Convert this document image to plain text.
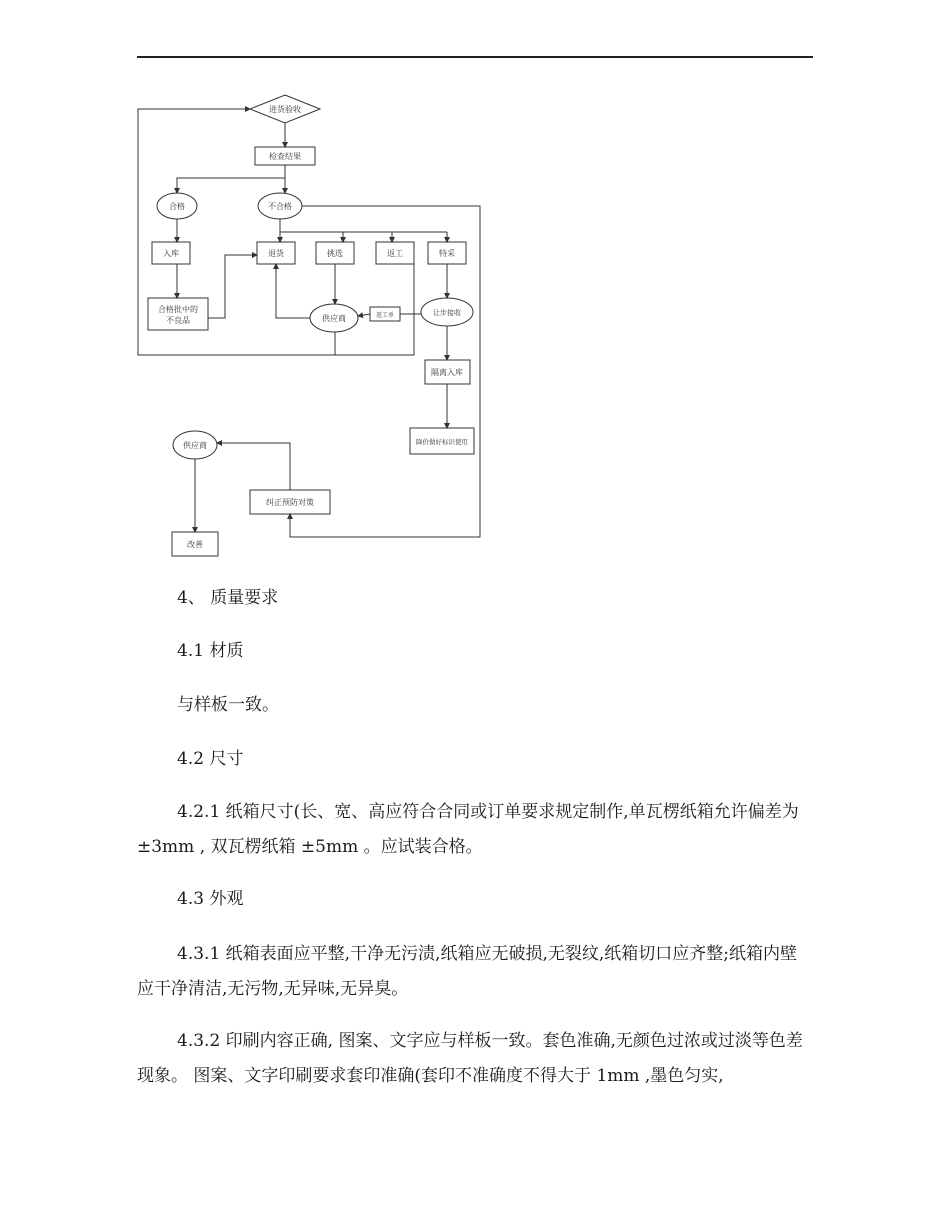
进货验收
检查结果
合格	不合格
入库	退货	挑选	返工	特采
合格批中的
不良品	供应商	返工单	让步接收
隔离入库
降价做好标识使用
供应商
纠正预防对策
改善

4、 质量要求

4.1 材质

与样板一致。

4.2 尺寸

4.2.1 纸箱尺寸(长、宽、高应符合合同或订单要求规定制作,单瓦楞纸箱允许偏差为 ±3mm , 双瓦楞纸箱 ±5mm 。应试装合格。

4.3 外观

4.3.1 纸箱表面应平整,干净无污渍,纸箱应无破损,无裂纹,纸箱切口应齐整;纸箱内壁 应干净清洁,无污物,无异味,无异臭。

4.3.2 印刷内容正确, 图案、文字应与样板一致。套色准确,无颜色过浓或过淡等色差现象。 图案、文字印刷要求套印准确(套印不准确度不得大于 1mm ,墨色匀实,
